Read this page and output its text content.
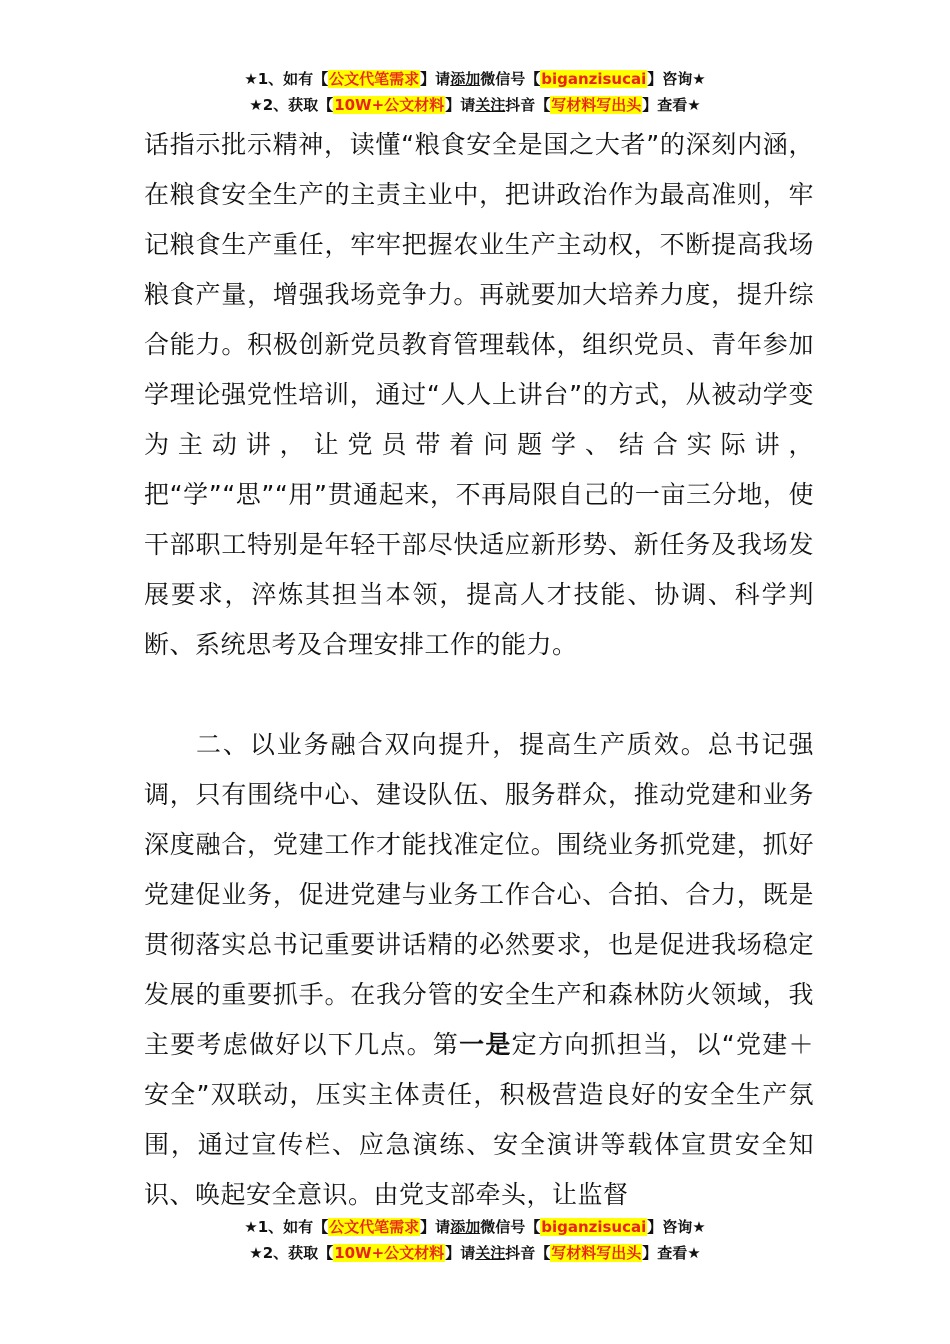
★1、如有【公文代笔需求】请添加微信号【biganzisucai】咨询★
★2、获取【10W+公文材料】请关注抖音【写材料写出头】查看★

话指示批示精神，读懂“粮食安全是国之大者”的深刻内涵，在粮食安全生产的主责主业中，把讲政治作为最高准则，牢记粮食生产重任，牢牢把握农业生产主动权，不断提高我场粮食产量，增强我场竞争力。再就要加大培养力度，提升综合能力。积极创新党员教育管理载体，组织党员、青年参加学理论强党性培训，通过“人人上讲台”的方式，从被动学变为主动讲，让党员带着问题学、结合实际讲，把“学”“思”“用”贯通起来，不再局限自己的一亩三分地，使干部职工特别是年轻干部尽快适应新形势、新任务及我场发展要求，淬炼其担当本领，提高人才技能、协调、科学判断、系统思考及合理安排工作的能力。

二、以业务融合双向提升，提高生产质效。总书记强调，只有围绕中心、建设队伍、服务群众，推动党建和业务深度融合，党建工作才能找准定位。围绕业务抓党建，抓好党建促业务，促进党建与业务工作合心、合拍、合力，既是贯彻落实总书记重要讲话精的必然要求，也是促进我场稳定发展的重要抓手。在我分管的安全生产和森林防火领域，我主要考虑做好以下几点。第一是定方向抓担当，以“党建＋安全”双联动，压实主体责任，积极营造良好的安全生产氛围，通过宣传栏、应急演练、安全演讲等载体宣贯安全知识、唤起安全意识。由党支部牵头，让监督

★1、如有【公文代笔需求】请添加微信号【biganzisucai】咨询★
★2、获取【10W+公文材料】请关注抖音【写材料写出头】查看★
